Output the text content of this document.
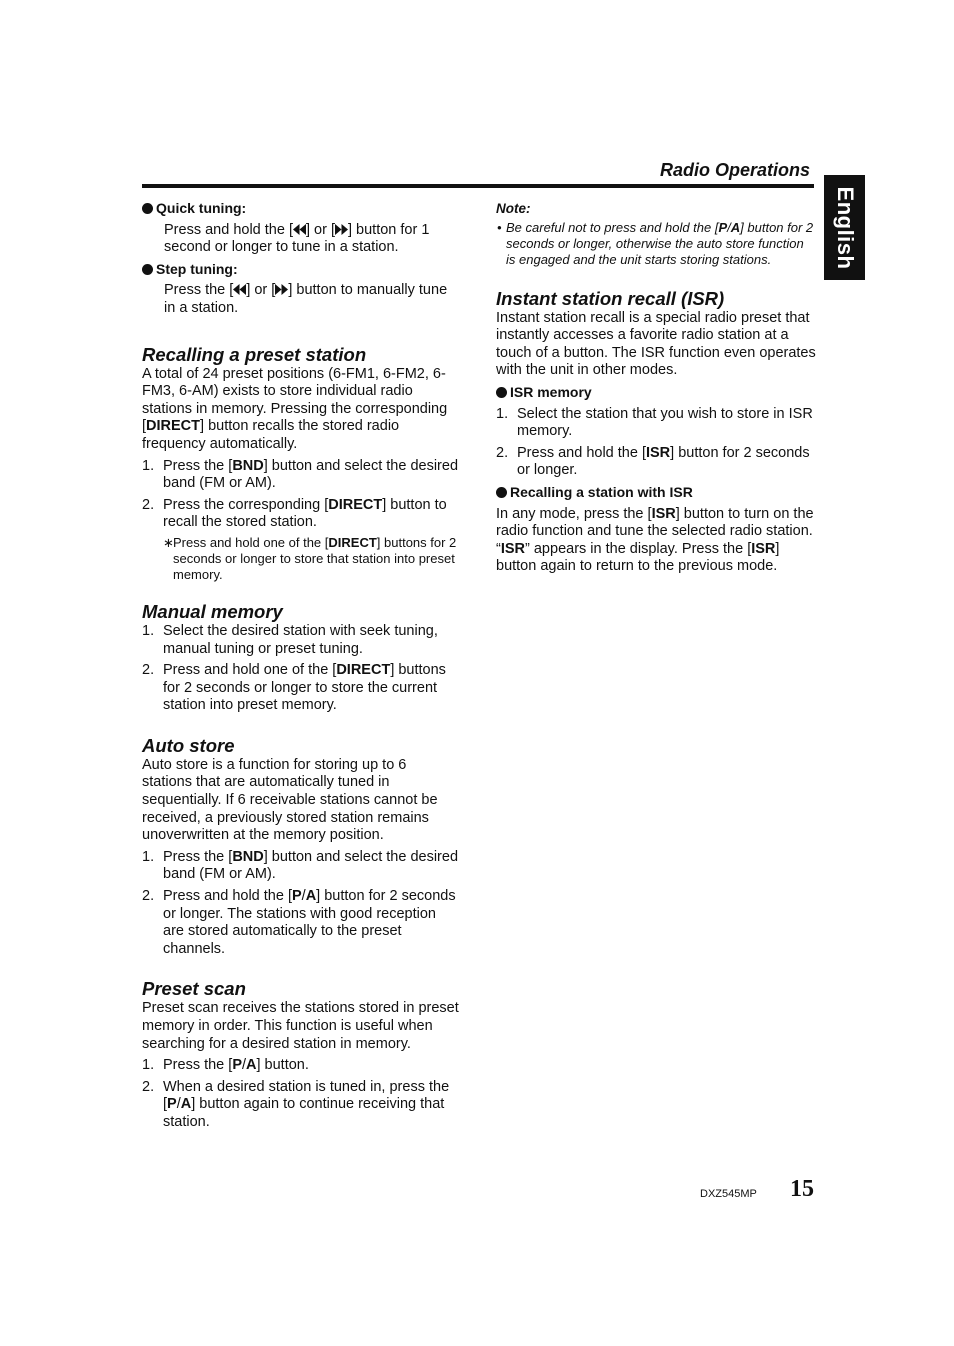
Radio Operations
English
Quick tuning:

Press and hold the [ ] or [ ] button for 1 second or longer to tune in a station.

Step tuning:

Press the [ ] or [ ] button to manually tune in a station.

Recalling a preset station

A total of 24 preset positions (6-FM1, 6-FM2, 6-FM3, 6-AM) exists to store individual radio stations in memory. Pressing the corresponding [DIRECT] button recalls the stored radio frequency automatically.

1. Press the [BND] button and select the desired band (FM or AM).
2. Press the corresponding [DIRECT] button to recall the stored station.
∗ Press and hold one of the [DIRECT] buttons for 2 seconds or longer to store that station into preset memory.
Manual memory
1. Select the desired station with seek tuning, manual tuning or preset tuning.
2. Press and hold one of the [DIRECT] buttons for 2 seconds or longer to store the current station into preset memory.
Auto store

Auto store is a function for storing up to 6 stations that are automatically tuned in sequentially. If 6 receivable stations cannot be received, a previously stored station remains unoverwritten at the memory position.

1. Press the [BND] button and select the desired band (FM or AM).
2. Press and hold the [P/A] button for 2 seconds or longer. The stations with good reception are stored automatically to the preset channels.
Preset scan

Preset scan receives the stations stored in preset memory in order. This function is useful when searching for a desired station in memory.

1. Press the [P/A] button.
2. When a desired station is tuned in, press the [P/A] button again to continue receiving that station.
Note:
• Be careful not to press and hold the [P/A] button for 2 seconds or longer, otherwise the auto store function is engaged and the unit starts storing stations.
Instant station recall (ISR)

Instant station recall is a special radio preset that instantly accesses a favorite radio station at a touch of a button. The ISR function even operates with the unit in other modes.

ISR memory
1. Select the station that you wish to store in ISR memory.
2. Press and hold the [ISR] button for 2 seconds or longer.
Recalling a station with ISR

In any mode, press the [ISR] button to turn on the radio function and tune the selected radio station. “ISR” appears in the display. Press the [ISR] button again to return to the previous mode.

DXZ545MP 15
